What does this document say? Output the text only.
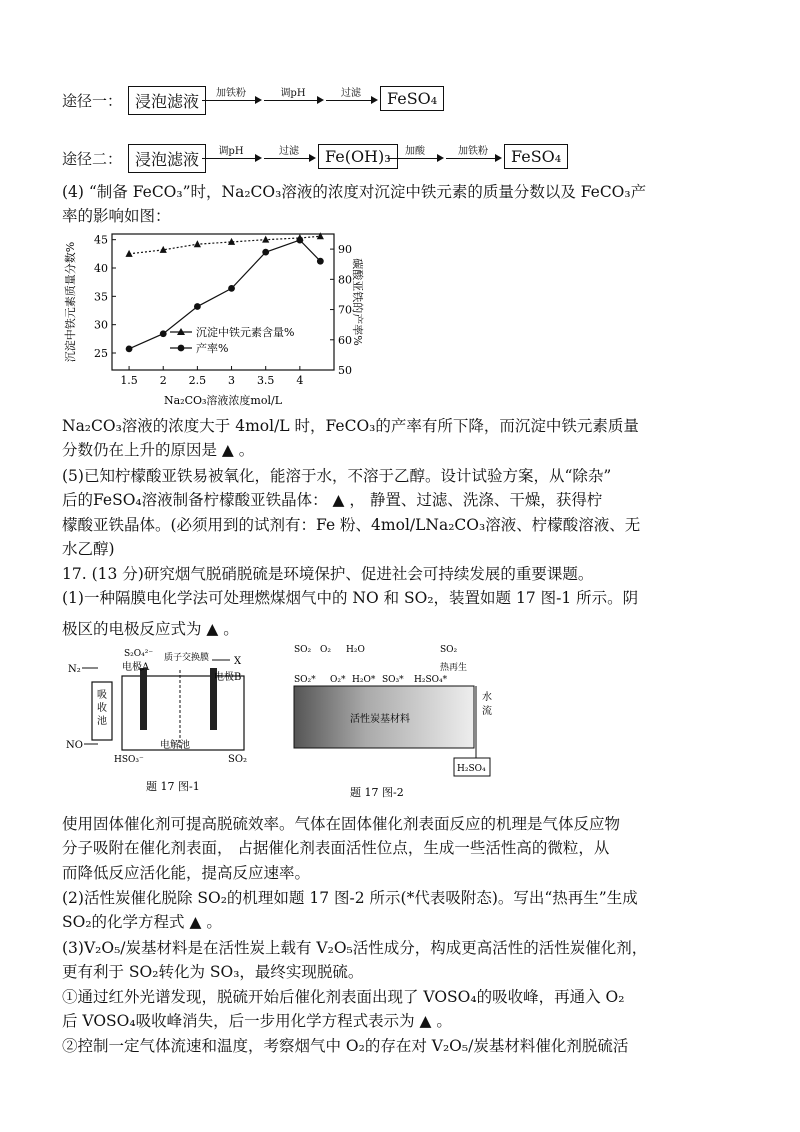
途径一： 浸泡滤液	加铁粉	调pH	过滤	FeSO₄
途径二： 浸泡滤液	调pH	过滤	Fe(OH)₃	加酸	加铁粉	FeSO₄
(4) “制备 FeCO₃”时，Na₂CO₃溶液的浓度对沉淀中铁元素的质量分数以及 FeCO₃产
率的影响如图：
1.5 2 2.5 3 3.5 4
45
40
35
30
25
90
80
70
60
50
Na₂CO₃溶液浓度mol/L
沉淀中铁元素质量分数%	碳酸亚铁的产率%
沉淀中铁元素含量%
产率%
Na₂CO₃溶液的浓度大于 4mol/L 时，FeCO₃的产率有所下降，而沉淀中铁元素质量
分数仍在上升的原因是 ▲ 。
(5)已知柠檬酸亚铁易被氧化，能溶于水，不溶于乙醇。设计试验方案，从“除杂”
后的FeSO₄溶液制备柠檬酸亚铁晶体： ▲ ， 静置、过滤、洗涤、干燥，获得柠
檬酸亚铁晶体。(必须用到的试剂有：Fe 粉、4mol/LNa₂CO₃溶液、柠檬酸溶液、无
水乙醇)
17. (13 分)研究烟气脱硝脱硫是环境保护、促进社会可持续发展的重要课题。
(1)一种隔膜电化学法可处理燃煤烟气中的 NO 和 SO₂，装置如题 17 图-1 所示。阴
极区的电极反应式为 ▲ 。
吸收池
N₂
S₂O₄²⁻
电极A
质子交换膜 X
电极B
NO
HSO₃⁻
电解池
SO₂
题 17 图-1
活性炭基材料
SO₂ O₂ H₂O	SO₂
热再生
SO₂* O₂* H₂O* SO₃* H₂SO₄*
水流
H₂SO₄
题 17 图-2
使用固体催化剂可提高脱硫效率。气体在固体催化剂表面反应的机理是气体反应物
分子吸附在催化剂表面， 占据催化剂表面活性位点，生成一些活性高的微粒，从
而降低反应活化能，提高反应速率。
(2)活性炭催化脱除 SO₂的机理如题 17 图-2 所示(*代表吸附态)。写出“热再生”生成
SO₂的化学方程式 ▲ 。
(3)V₂O₅/炭基材料是在活性炭上载有 V₂O₅活性成分，构成更高活性的活性炭催化剂，
更有利于 SO₂转化为 SO₃，最终实现脱硫。
①通过红外光谱发现，脱硫开始后催化剂表面出现了 VOSO₄的吸收峰，再通入 O₂
后 VOSO₄吸收峰消失，后一步用化学方程式表示为 ▲ 。
②控制一定气体流速和温度，考察烟气中 O₂的存在对 V₂O₅/炭基材料催化剂脱硫活
